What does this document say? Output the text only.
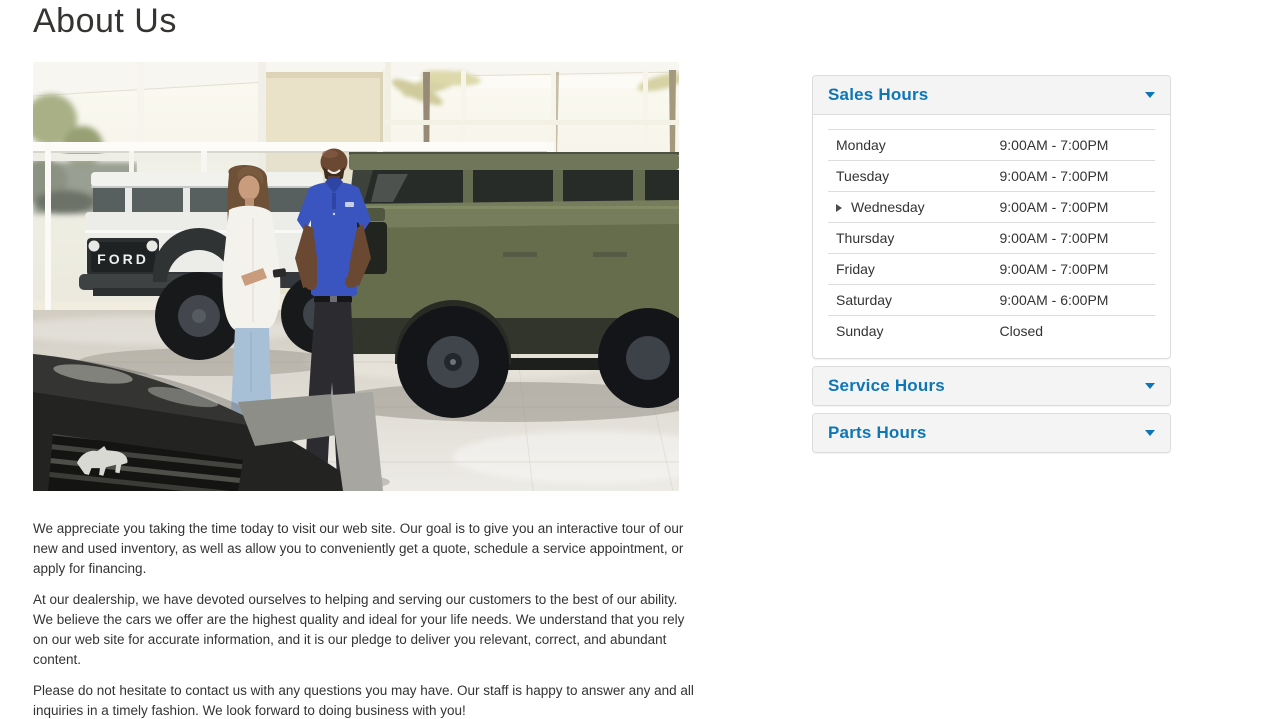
About Us
FORD

We appreciate you taking the time today to visit our web site. Our goal is to give you an interactive tour of our new and used inventory, as well as allow you to conveniently get a quote, schedule a service appointment, or apply for financing.

At our dealership, we have devoted ourselves to helping and serving our customers to the best of our ability. We believe the cars we offer are the highest quality and ideal for your life needs. We understand that you rely on our web site for accurate information, and it is our pledge to deliver you relevant, correct, and abundant content.

Please do not hesitate to contact us with any questions you may have. Our staff is happy to answer any and all inquiries in a timely fashion. We look forward to doing business with you!

Sales Hours
Monday	9:00AM - 7:00PM
Tuesday	9:00AM - 7:00PM
Wednesday	9:00AM - 7:00PM
Thursday	9:00AM - 7:00PM
Friday	9:00AM - 7:00PM
Saturday	9:00AM - 6:00PM
Sunday	Closed
Service Hours
Parts Hours
